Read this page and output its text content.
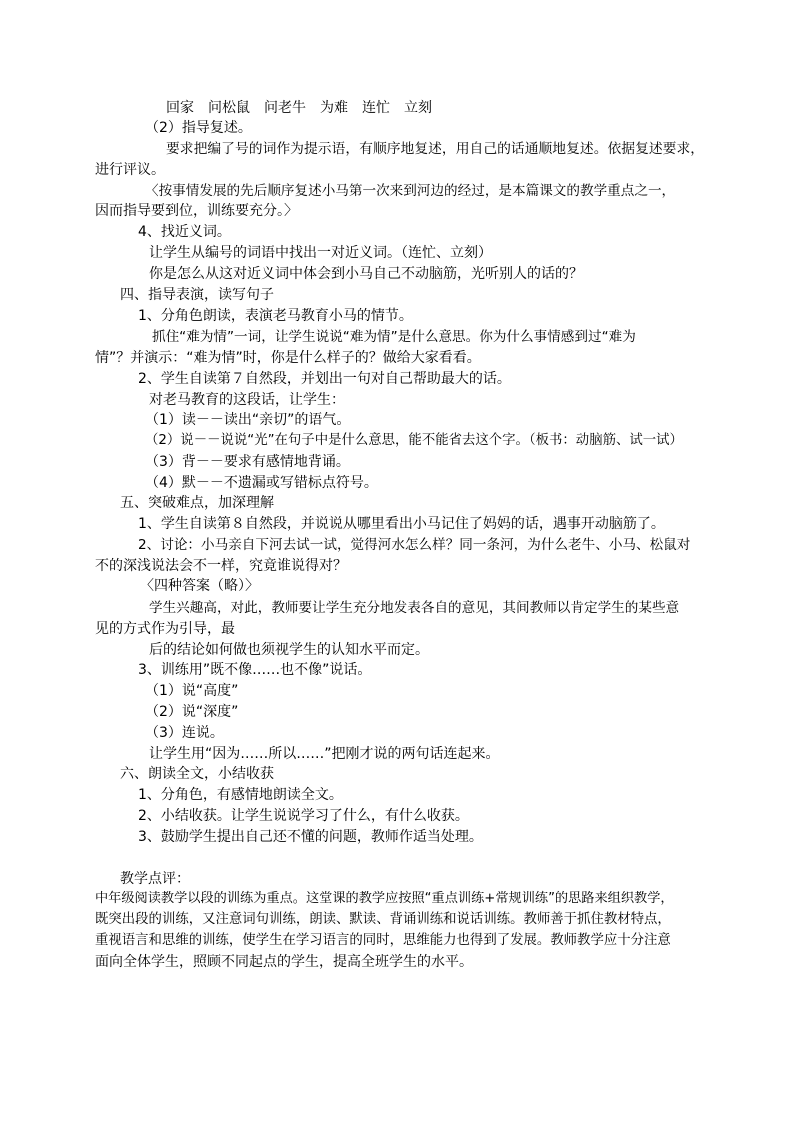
回家　问松鼠　问老牛　为难　连忙　立刻
（2）指导复述。
要求把编了号的词作为提示语，有顺序地复述，用自己的话通顺地复述。依据复述要求，
进行评议。
〈按事情发展的先后顺序复述小马第一次来到河边的经过，是本篇课文的教学重点之一，
因而指导要到位，训练要充分。〉
4、找近义词。
让学生从编号的词语中找出一对近义词。（连忙、立刻）
你是怎么从这对近义词中体会到小马自己不动脑筋，光听别人的话的？
四、指导表演，读写句子
1、分角色朗读，表演老马教育小马的情节。
抓住“难为情”一词，让学生说说“难为情”是什么意思。你为什么事情感到过“难为
情”？并演示：“难为情”时，你是什么样子的？做给大家看看。
2、学生自读第７自然段，并划出一句对自己帮助最大的话。
对老马教育的这段话，让学生：
（1）读－－读出“亲切”的语气。
（2）说－－说说“光”在句子中是什么意思，能不能省去这个字。（板书：动脑筋、试一试）
（3）背－－要求有感情地背诵。
（4）默－－不遗漏或写错标点符号。
五、突破难点，加深理解
1、学生自读第８自然段，并说说从哪里看出小马记住了妈妈的话，遇事开动脑筋了。
2、讨论：小马亲自下河去试一试，觉得河水怎么样？同一条河，为什么老牛、小马、松鼠对
不的深浅说法会不一样，究竟谁说得对？
〈四种答案（略）〉
学生兴趣高，对此，教师要让学生充分地发表各自的意见，其间教师以肯定学生的某些意
见的方式作为引导，最
后的结论如何做也须视学生的认知水平而定。
3、训练用”既不像……也不像”说话。
（1）说“高度”
（2）说“深度”
（3）连说。
让学生用“因为……所以……”把刚才说的两句话连起来。
六、朗读全文，小结收获
1、分角色，有感情地朗读全文。
2、小结收获。让学生说说学习了什么，有什么收获。
3、鼓励学生提出自己还不懂的问题，教师作适当处理。
教学点评：
中年级阅读教学以段的训练为重点。这堂课的教学应按照“重点训练+常规训练”的思路来组织教学，
既突出段的训练，又注意词句训练，朗读、默读、背诵训练和说话训练。教师善于抓住教材特点，
重视语言和思维的训练，使学生在学习语言的同时，思维能力也得到了发展。教师教学应十分注意
面向全体学生，照顾不同起点的学生，提高全班学生的水平。
